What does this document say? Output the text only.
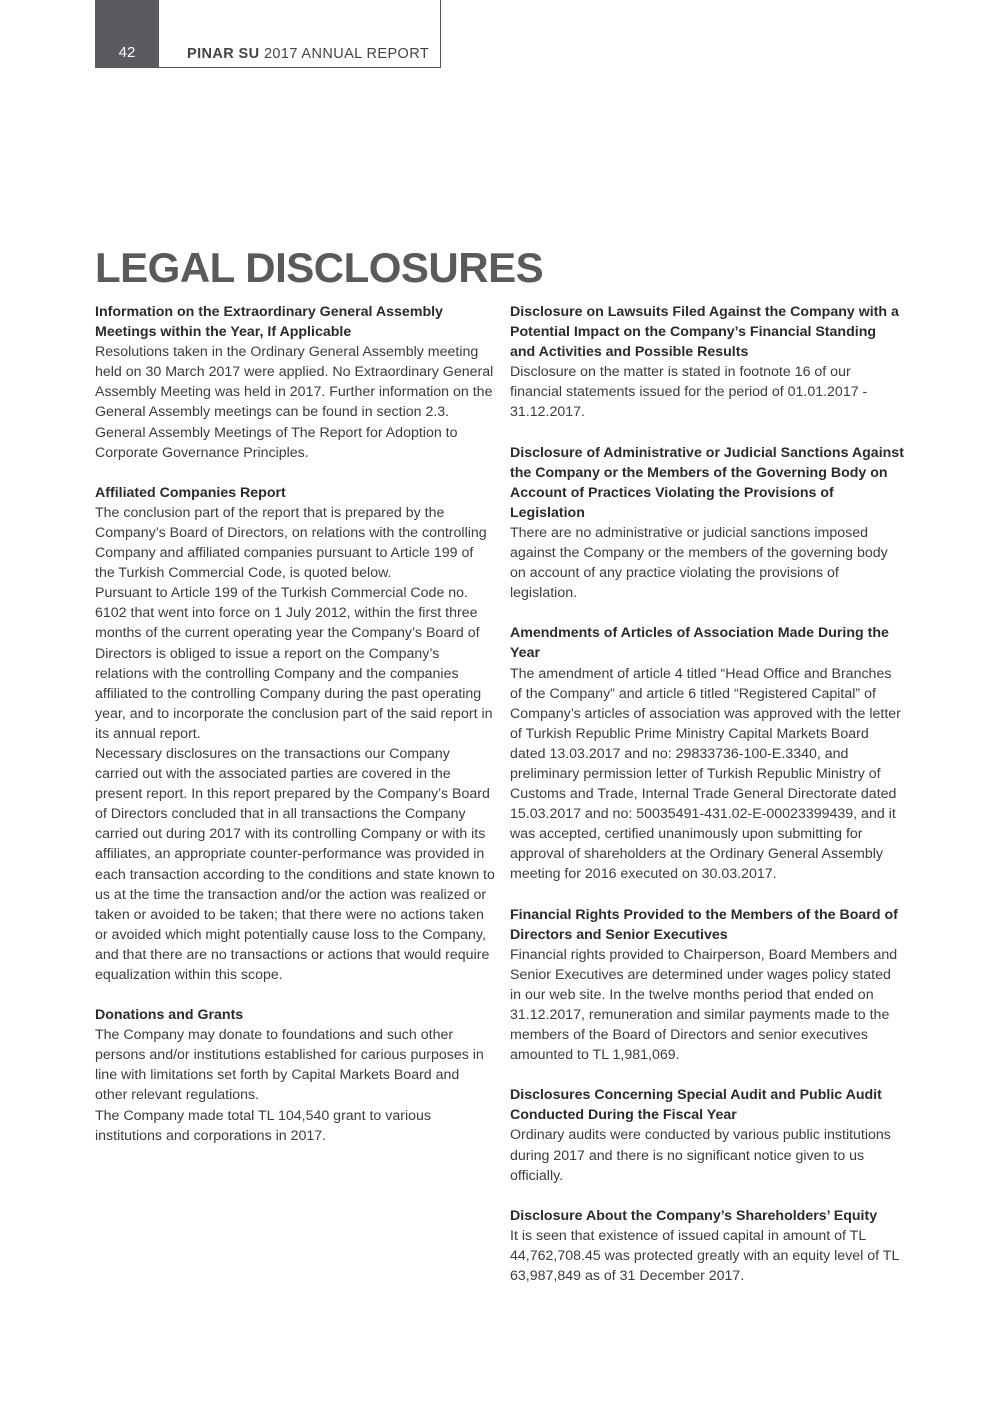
42	PINAR SU 2017 ANNUAL REPORT
LEGAL DISCLOSURES
Information on the Extraordinary General Assembly Meetings within the Year, If Applicable

Resolutions taken in the Ordinary General Assembly meeting held on 30 March 2017 were applied. No Extraordinary General Assembly Meeting was held in 2017. Further information on the General Assembly meetings can be found in section 2.3. General Assembly Meetings of The Report for Adoption to Corporate Governance Principles.

Affiliated Companies Report

The conclusion part of the report that is prepared by the Company’s Board of Directors, on relations with the controlling Company and affiliated companies pursuant to Article 199 of the Turkish Commercial Code, is quoted below.

Pursuant to Article 199 of the Turkish Commercial Code no. 6102 that went into force on 1 July 2012, within the first three months of the current operating year the Company’s Board of Directors is obliged to issue a report on the Company’s relations with the controlling Company and the companies affiliated to the controlling Company during the past operating year, and to incorporate the conclusion part of the said report in its annual report.

Necessary disclosures on the transactions our Company carried out with the associated parties are covered in the present report. In this report prepared by the Company’s Board of Directors concluded that in all transactions the Company carried out during 2017 with its controlling Company or with its affiliates, an appropriate counter-performance was provided in each transaction according to the conditions and state known to us at the time the transaction and/or the action was realized or taken or avoided to be taken; that there were no actions taken or avoided which might potentially cause loss to the Company, and that there are no transactions or actions that would require equalization within this scope.

Donations and Grants

The Company may donate to foundations and such other persons and/or institutions established for carious purposes in line with limitations set forth by Capital Markets Board and other relevant regulations.

The Company made total TL 104,540 grant to various institutions and corporations in 2017.

Disclosure on Lawsuits Filed Against the Company with a Potential Impact on the Company’s Financial Standing and Activities and Possible Results

Disclosure on the matter is stated in footnote 16 of our financial statements issued for the period of 01.01.2017 - 31.12.2017.

Disclosure of Administrative or Judicial Sanctions Against the Company or the Members of the Governing Body on Account of Practices Violating the Provisions of Legislation

There are no administrative or judicial sanctions imposed against the Company or the members of the governing body on account of any practice violating the provisions of legislation.

Amendments of Articles of Association Made During the Year

The amendment of article 4 titled “Head Office and Branches of the Company” and article 6 titled “Registered Capital” of Company’s articles of association was approved with the letter of Turkish Republic Prime Ministry Capital Markets Board dated 13.03.2017 and no: 29833736-100-E.3340, and preliminary permission letter of Turkish Republic Ministry of Customs and Trade, Internal Trade General Directorate dated 15.03.2017 and no: 50035491-431.02-E-00023399439, and it was accepted, certified unanimously upon submitting for approval of shareholders at the Ordinary General Assembly meeting for 2016 executed on 30.03.2017.

Financial Rights Provided to the Members of the Board of Directors and Senior Executives

Financial rights provided to Chairperson, Board Members and Senior Executives are determined under wages policy stated in our web site. In the twelve months period that ended on 31.12.2017, remuneration and similar payments made to the members of the Board of Directors and senior executives amounted to TL 1,981,069.

Disclosures Concerning Special Audit and Public Audit Conducted During the Fiscal Year

Ordinary audits were conducted by various public institutions during 2017 and there is no significant notice given to us officially.

Disclosure About the Company’s Shareholders’ Equity

It is seen that existence of issued capital in amount of TL 44,762,708.45 was protected greatly with an equity level of TL 63,987,849 as of 31 December 2017.
